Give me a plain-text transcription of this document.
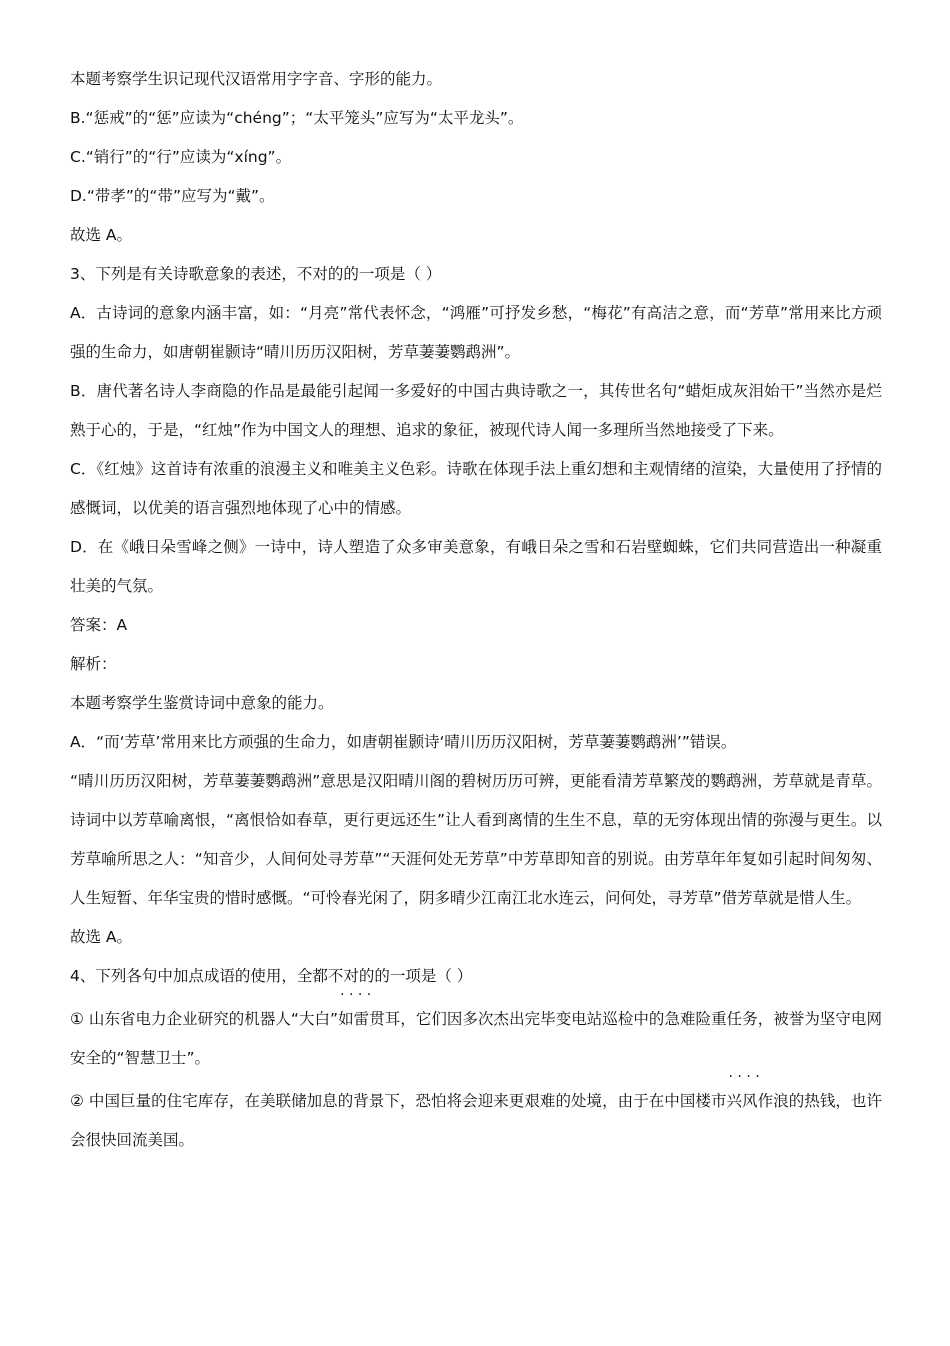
本题考察学生识记现代汉语常用字字音、字形的能力。

B.“惩戒”的“惩”应读为“chéng”；“太平笼头”应写为“太平龙头”。

C.“销行”的“行”应读为“xíng”。

D.“带孝”的“带”应写为“戴”。

故选 A。

3、下列是有关诗歌意象的表述，不对的的一项是（ ）

A．古诗词的意象内涵丰富，如：“月亮”常代表怀念，“鸿雁”可抒发乡愁，“梅花”有高洁之意，而“芳草”常用来比方顽强的生命力，如唐朝崔颢诗“晴川历历汉阳树，芳草萋萋鹦鹉洲”。

B．唐代著名诗人李商隐的作品是最能引起闻一多爱好的中国古典诗歌之一，其传世名句“蜡炬成灰泪始干”当然亦是烂熟于心的，于是，“红烛”作为中国文人的理想、追求的象征，被现代诗人闻一多理所当然地接受了下来。

C．《红烛》这首诗有浓重的浪漫主义和唯美主义色彩。诗歌在体现手法上重幻想和主观情绪的渲染，大量使用了抒情的感慨词，以优美的语言强烈地体现了心中的情感。

D．在《峨日朵雪峰之侧》一诗中，诗人塑造了众多审美意象，有峨日朵之雪和石岩壁蜘蛛，它们共同营造出一种凝重壮美的气氛。

答案：A

解析：

本题考察学生鉴赏诗词中意象的能力。

A．“而‘芳草’常用来比方顽强的生命力，如唐朝崔颢诗‘晴川历历汉阳树，芳草萋萋鹦鹉洲’”错误。

“晴川历历汉阳树，芳草萋萋鹦鹉洲”意思是汉阳晴川阁的碧树历历可辨，更能看清芳草繁茂的鹦鹉洲，芳草就是青草。诗词中以芳草喻离恨，“离恨恰如春草，更行更远还生”让人看到离情的生生不息，草的无穷体现出情的弥漫与更生。以芳草喻所思之人：“知音少，人间何处寻芳草”“天涯何处无芳草”中芳草即知音的别说。由芳草年年复如引起时间匆匆、人生短暂、年华宝贵的惜时感慨。“可怜春光闲了，阴多晴少江南江北水连云，问何处，寻芳草”借芳草就是惜人生。

故选 A。

4、下列各句中加点成语的使用，全都不对的的一项是（ ）

① 山东省电力企业研究的机器人“大白”· · · · 如雷贯耳，它们因多次杰出完毕变电站巡检中的急难险重任务，被誉为坚守电网安全的“智慧卫士”。

② 中国巨量的住宅库存，在美联储加息的背景下，恐怕将会迎来更艰难的处境，由于在中国楼市· · · · 兴风作浪的热钱，也许会很快回流美国。
